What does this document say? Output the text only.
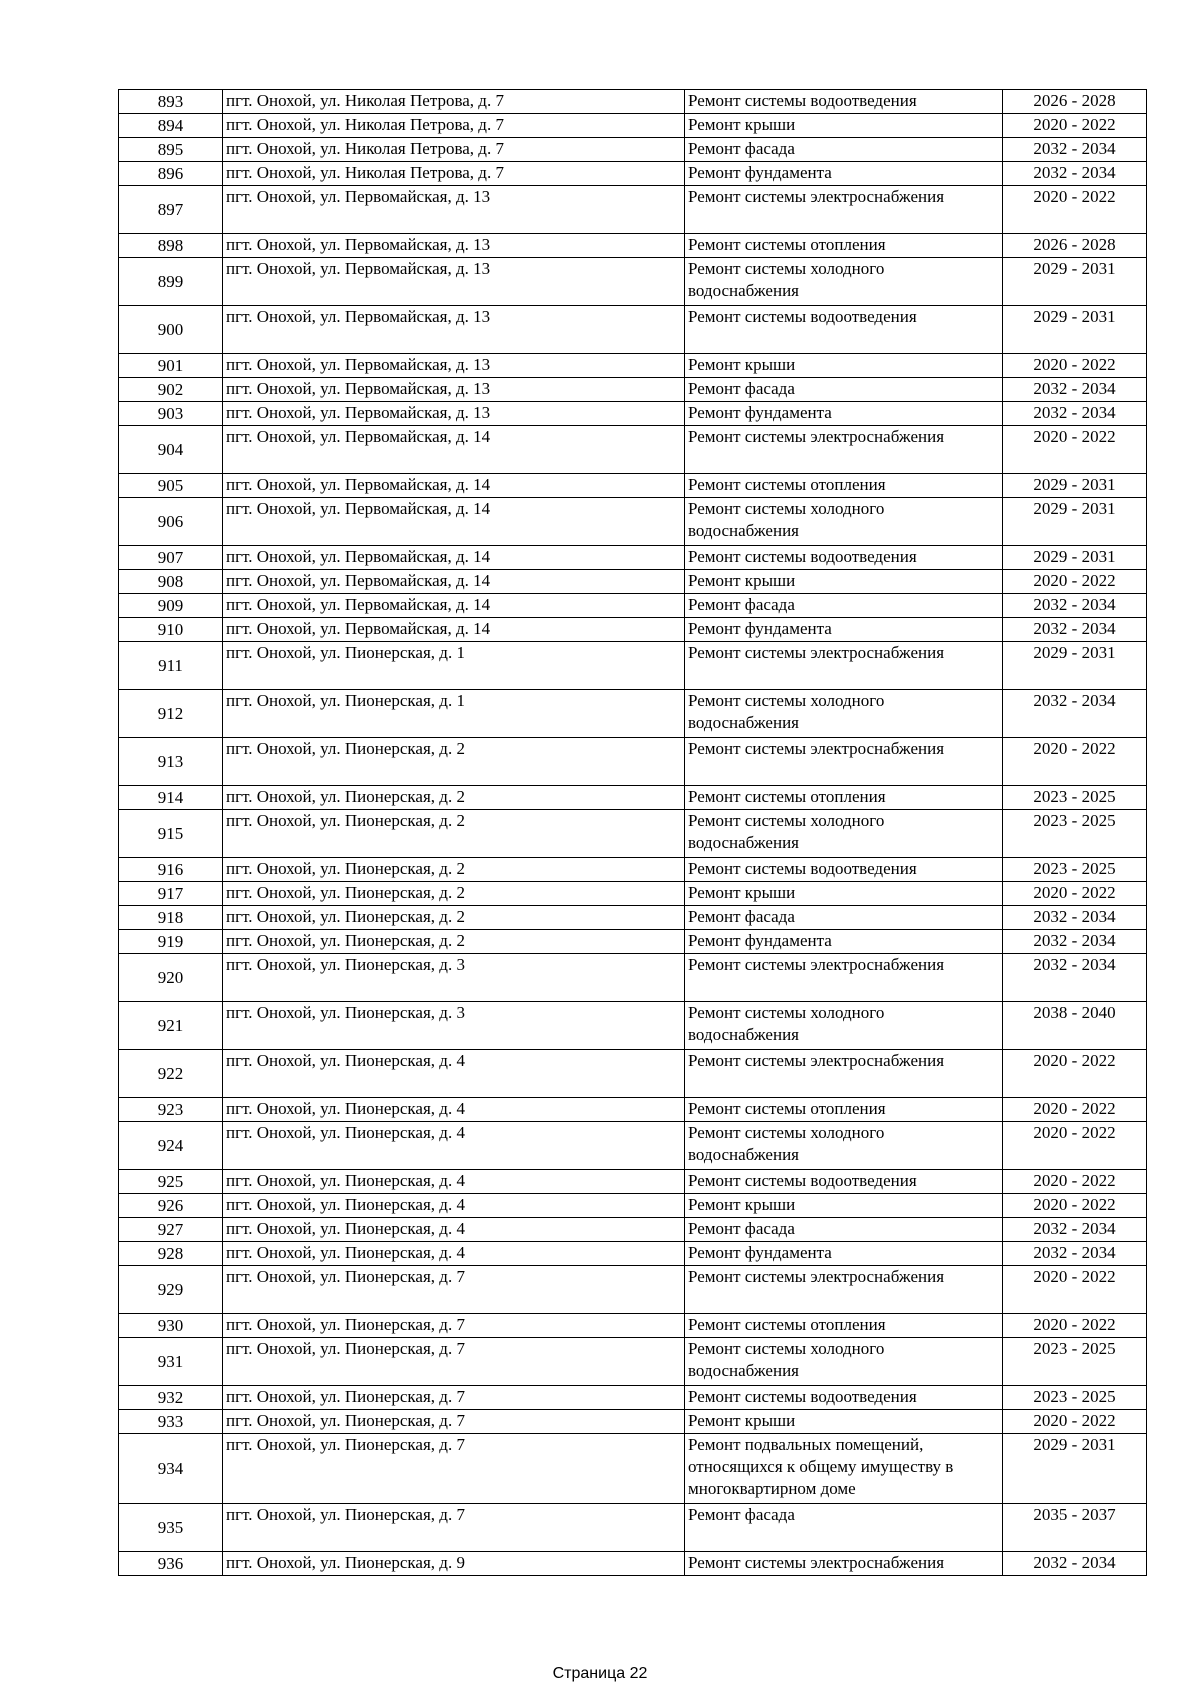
893	пгт. Онохой, ул. Николая Петрова, д. 7	Ремонт системы водоотведения	2026 - 2028
894	пгт. Онохой, ул. Николая Петрова, д. 7	Ремонт крыши	2020 - 2022
895	пгт. Онохой, ул. Николая Петрова, д. 7	Ремонт фасада	2032 - 2034
896	пгт. Онохой, ул. Николая Петрова, д. 7	Ремонт фундамента	2032 - 2034
897	пгт. Онохой, ул. Первомайская, д. 13	Ремонт системы электроснабжения	2020 - 2022
898	пгт. Онохой, ул. Первомайская, д. 13	Ремонт системы отопления	2026 - 2028
899	пгт. Онохой, ул. Первомайская, д. 13	Ремонт системы холодного водоснабжения	2029 - 2031
900	пгт. Онохой, ул. Первомайская, д. 13	Ремонт системы водоотведения	2029 - 2031
901	пгт. Онохой, ул. Первомайская, д. 13	Ремонт крыши	2020 - 2022
902	пгт. Онохой, ул. Первомайская, д. 13	Ремонт фасада	2032 - 2034
903	пгт. Онохой, ул. Первомайская, д. 13	Ремонт фундамента	2032 - 2034
904	пгт. Онохой, ул. Первомайская, д. 14	Ремонт системы электроснабжения	2020 - 2022
905	пгт. Онохой, ул. Первомайская, д. 14	Ремонт системы отопления	2029 - 2031
906	пгт. Онохой, ул. Первомайская, д. 14	Ремонт системы холодного водоснабжения	2029 - 2031
907	пгт. Онохой, ул. Первомайская, д. 14	Ремонт системы водоотведения	2029 - 2031
908	пгт. Онохой, ул. Первомайская, д. 14	Ремонт крыши	2020 - 2022
909	пгт. Онохой, ул. Первомайская, д. 14	Ремонт фасада	2032 - 2034
910	пгт. Онохой, ул. Первомайская, д. 14	Ремонт фундамента	2032 - 2034
911	пгт. Онохой, ул. Пионерская, д. 1	Ремонт системы электроснабжения	2029 - 2031
912	пгт. Онохой, ул. Пионерская, д. 1	Ремонт системы холодного водоснабжения	2032 - 2034
913	пгт. Онохой, ул. Пионерская, д. 2	Ремонт системы электроснабжения	2020 - 2022
914	пгт. Онохой, ул. Пионерская, д. 2	Ремонт системы отопления	2023 - 2025
915	пгт. Онохой, ул. Пионерская, д. 2	Ремонт системы холодного водоснабжения	2023 - 2025
916	пгт. Онохой, ул. Пионерская, д. 2	Ремонт системы водоотведения	2023 - 2025
917	пгт. Онохой, ул. Пионерская, д. 2	Ремонт крыши	2020 - 2022
918	пгт. Онохой, ул. Пионерская, д. 2	Ремонт фасада	2032 - 2034
919	пгт. Онохой, ул. Пионерская, д. 2	Ремонт фундамента	2032 - 2034
920	пгт. Онохой, ул. Пионерская, д. 3	Ремонт системы электроснабжения	2032 - 2034
921	пгт. Онохой, ул. Пионерская, д. 3	Ремонт системы холодного водоснабжения	2038 - 2040
922	пгт. Онохой, ул. Пионерская, д. 4	Ремонт системы электроснабжения	2020 - 2022
923	пгт. Онохой, ул. Пионерская, д. 4	Ремонт системы отопления	2020 - 2022
924	пгт. Онохой, ул. Пионерская, д. 4	Ремонт системы холодного водоснабжения	2020 - 2022
925	пгт. Онохой, ул. Пионерская, д. 4	Ремонт системы водоотведения	2020 - 2022
926	пгт. Онохой, ул. Пионерская, д. 4	Ремонт крыши	2020 - 2022
927	пгт. Онохой, ул. Пионерская, д. 4	Ремонт фасада	2032 - 2034
928	пгт. Онохой, ул. Пионерская, д. 4	Ремонт фундамента	2032 - 2034
929	пгт. Онохой, ул. Пионерская, д. 7	Ремонт системы электроснабжения	2020 - 2022
930	пгт. Онохой, ул. Пионерская, д. 7	Ремонт системы отопления	2020 - 2022
931	пгт. Онохой, ул. Пионерская, д. 7	Ремонт системы холодного водоснабжения	2023 - 2025
932	пгт. Онохой, ул. Пионерская, д. 7	Ремонт системы водоотведения	2023 - 2025
933	пгт. Онохой, ул. Пионерская, д. 7	Ремонт крыши	2020 - 2022
934	пгт. Онохой, ул. Пионерская, д. 7	Ремонт подвальных помещений, относящихся к общему имуществу в многоквартирном доме	2029 - 2031
935	пгт. Онохой, ул. Пионерская, д. 7	Ремонт фасада	2035 - 2037
936	пгт. Онохой, ул. Пионерская, д. 9	Ремонт системы электроснабжения	2032 - 2034
Страница 22
